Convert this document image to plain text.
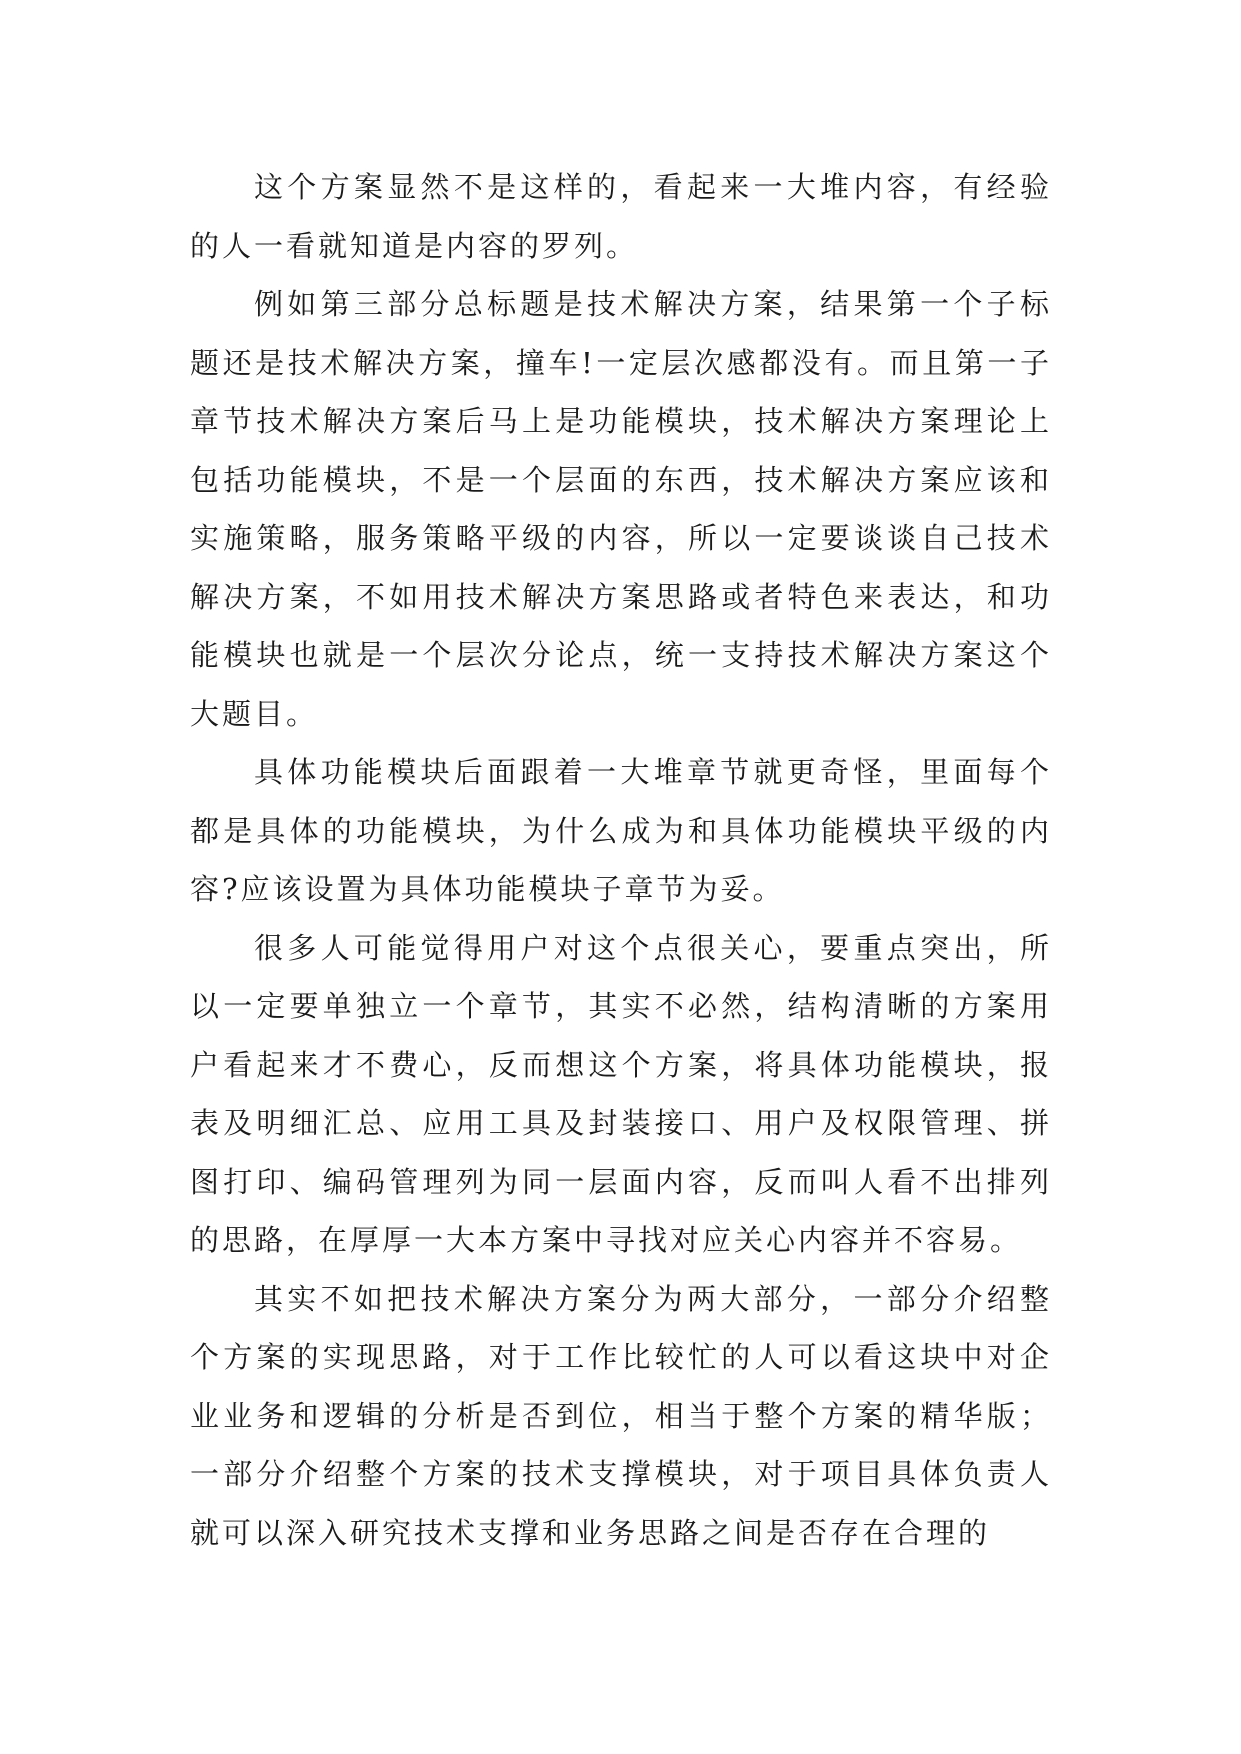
这个方案显然不是这样的，看起来一大堆内容，有经验的人一看就知道是内容的罗列。

例如第三部分总标题是技术解决方案，结果第一个子标题还是技术解决方案，撞车!一定层次感都没有。而且第一子章节技术解决方案后马上是功能模块，技术解决方案理论上包括功能模块，不是一个层面的东西，技术解决方案应该和实施策略，服务策略平级的内容，所以一定要谈谈自己技术解决方案，不如用技术解决方案思路或者特色来表达，和功能模块也就是一个层次分论点，统一支持技术解决方案这个大题目。

具体功能模块后面跟着一大堆章节就更奇怪，里面每个都是具体的功能模块，为什么成为和具体功能模块平级的内容?应该设置为具体功能模块子章节为妥。

很多人可能觉得用户对这个点很关心，要重点突出，所以一定要单独立一个章节，其实不必然，结构清晰的方案用户看起来才不费心，反而想这个方案，将具体功能模块，报表及明细汇总、应用工具及封装接口、用户及权限管理、拼图打印、编码管理列为同一层面内容，反而叫人看不出排列的思路，在厚厚一大本方案中寻找对应关心内容并不容易。

其实不如把技术解决方案分为两大部分，一部分介绍整个方案的实现思路，对于工作比较忙的人可以看这块中对企业业务和逻辑的分析是否到位，相当于整个方案的精华版；一部分介绍整个方案的技术支撑模块，对于项目具体负责人就可以深入研究技术支撑和业务思路之间是否存在合理的
